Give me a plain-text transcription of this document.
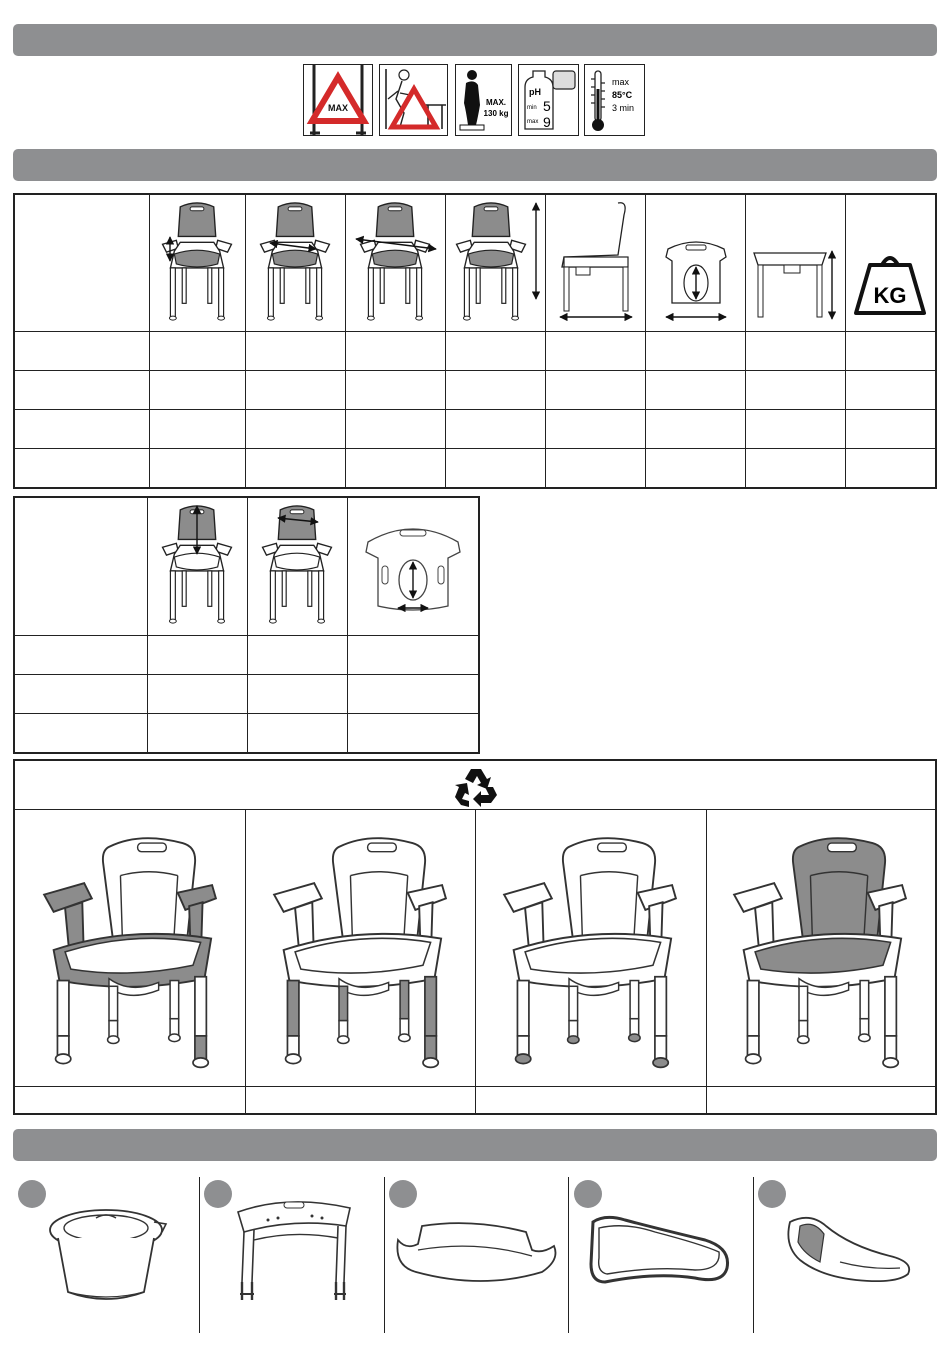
MAX
MAX.
130 kg
pH
min 5
max 9
max
85°C
3 min

KG
